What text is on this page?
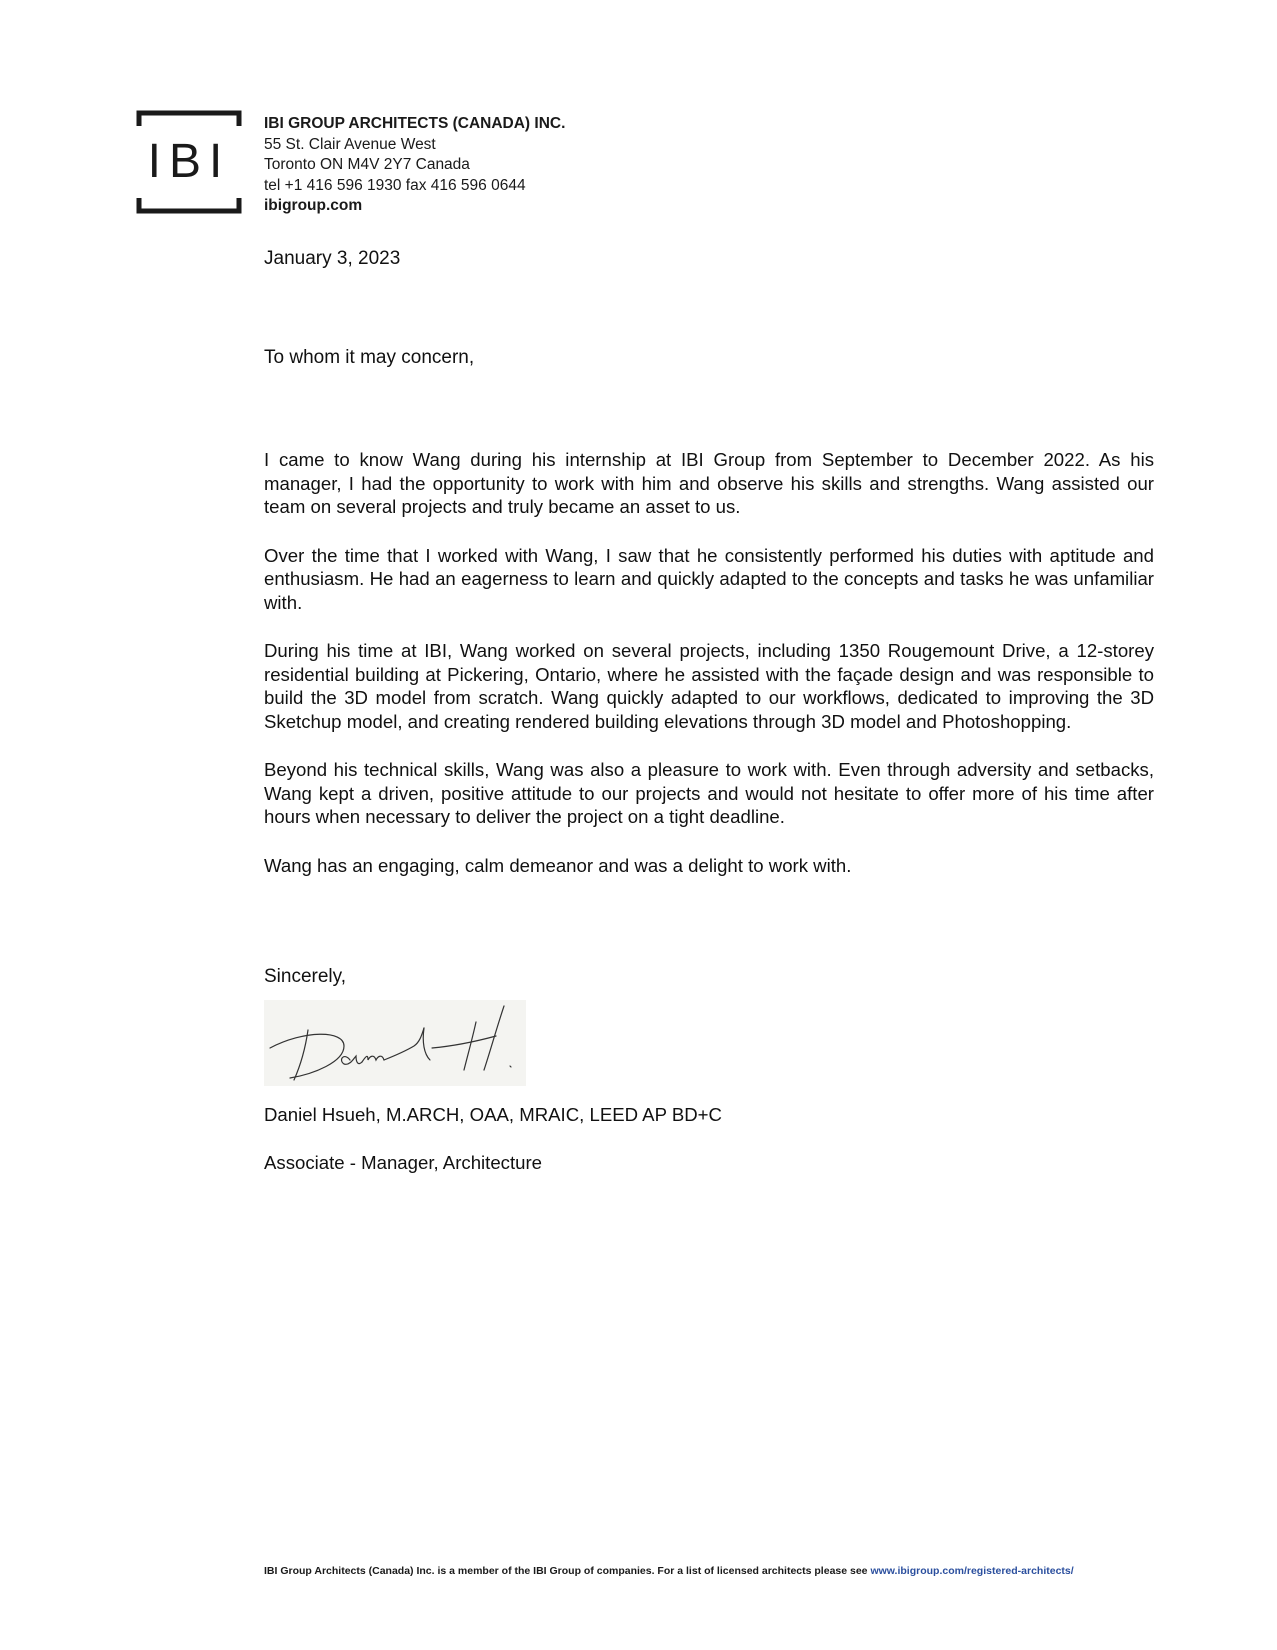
IBI
IBI GROUP ARCHITECTS (CANADA) INC.
55 St. Clair Avenue West
Toronto ON M4V 2Y7 Canada
tel +1 416 596 1930 fax 416 596 0644
ibigroup.com
January 3, 2023
To whom it may concern,

I came to know Wang during his internship at IBI Group from September to December 2022. As his manager, I had the opportunity to work with him and observe his skills and strengths. Wang assisted our team on several projects and truly became an asset to us.

Over the time that I worked with Wang, I saw that he consistently performed his duties with aptitude and enthusiasm. He had an eagerness to learn and quickly adapted to the concepts and tasks he was unfamiliar with.

During his time at IBI, Wang worked on several projects, including 1350 Rougemount Drive, a 12-storey residential building at Pickering, Ontario, where he assisted with the façade design and was responsible to build the 3D model from scratch. Wang quickly adapted to our workflows, dedicated to improving the 3D Sketchup model, and creating rendered building elevations through 3D model and Photoshopping.

Beyond his technical skills, Wang was also a pleasure to work with. Even through adversity and setbacks, Wang kept a driven, positive attitude to our projects and would not hesitate to offer more of his time after hours when necessary to deliver the project on a tight deadline.

Wang has an engaging, calm demeanor and was a delight to work with.

Sincerely,
Daniel Hsueh, M.ARCH, OAA, MRAIC, LEED AP BD+C
Associate - Manager, Architecture
IBI Group Architects (Canada) Inc. is a member of the IBI Group of companies. For a list of licensed architects please see www.ibigroup.com/registered-architects/
